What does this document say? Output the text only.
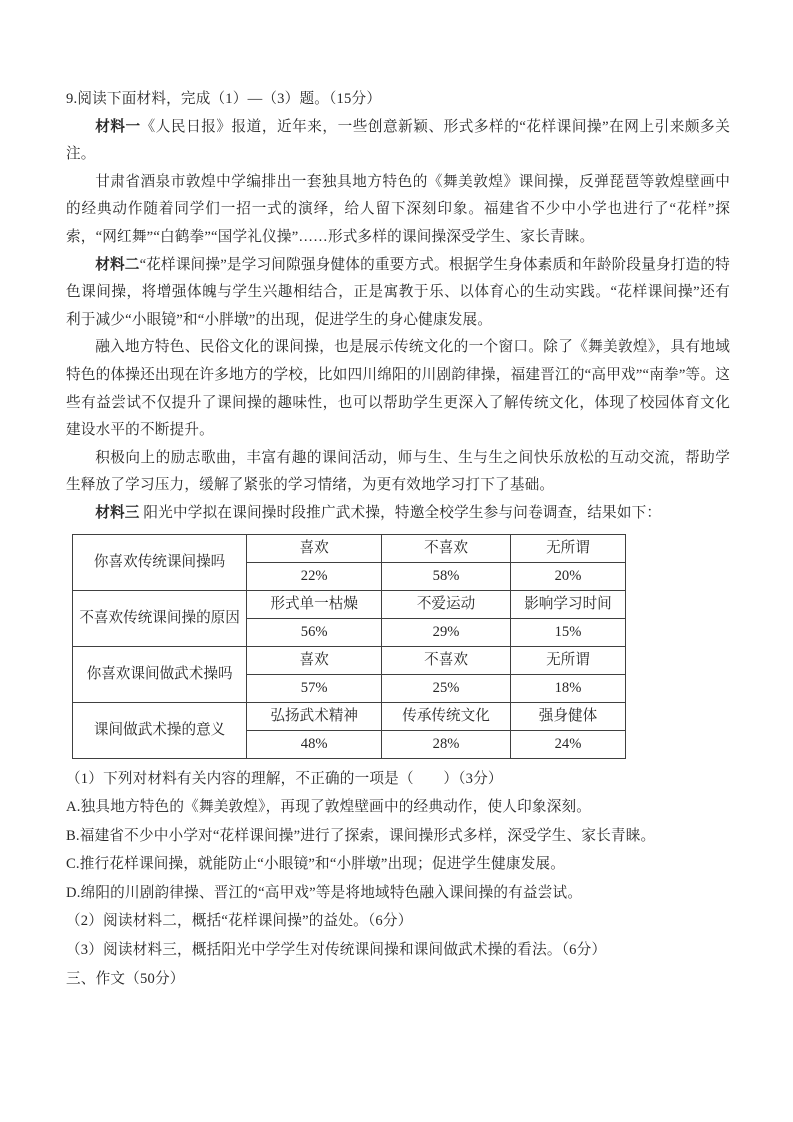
9.阅读下面材料，完成（1）—（3）题。（15分）

材料一《人民日报》报道，近年来，一些创意新颖、形式多样的“花样课间操”在网上引来颇多关注。

甘肃省酒泉市敦煌中学编排出一套独具地方特色的《舞美敦煌》课间操，反弹琵琶等敦煌壁画中的经典动作随着同学们一招一式的演绎，给人留下深刻印象。福建省不少中小学也进行了“花样”探索，“网红舞”“白鹤拳”“国学礼仪操”……形式多样的课间操深受学生、家长青睐。

材料二“花样课间操”是学习间隙强身健体的重要方式。根据学生身体素质和年龄阶段量身打造的特色课间操，将增强体魄与学生兴趣相结合，正是寓教于乐、以体育心的生动实践。“花样课间操”还有利于减少“小眼镜”和“小胖墩”的出现，促进学生的身心健康发展。

融入地方特色、民俗文化的课间操，也是展示传统文化的一个窗口。除了《舞美敦煌》，具有地域特色的体操还出现在许多地方的学校，比如四川绵阳的川剧韵律操，福建晋江的“高甲戏”“南拳”等。这些有益尝试不仅提升了课间操的趣味性，也可以帮助学生更深入了解传统文化，体现了校园体育文化建设水平的不断提升。

积极向上的励志歌曲，丰富有趣的课间活动，师与生、生与生之间快乐放松的互动交流，帮助学生释放了学习压力，缓解了紧张的学习情绪，为更有效地学习打下了基础。

材料三 阳光中学拟在课间操时段推广武术操，特邀全校学生参与问卷调查，结果如下：

你喜欢传统课间操吗	喜欢	不喜欢	无所谓
	22%	58%	20%
不喜欢传统课间操的原因	形式单一枯燥	不爱运动	影响学习时间
	56%	29%	15%
你喜欢课间做武术操吗	喜欢	不喜欢	无所谓
	57%	25%	18%
课间做武术操的意义	弘扬武术精神	传承传统文化	强身健体
	48%	28%	24%

（1）下列对材料有关内容的理解，不正确的一项是（　　）（3分）

A.独具地方特色的《舞美敦煌》，再现了敦煌壁画中的经典动作，使人印象深刻。

B.福建省不少中小学对“花样课间操”进行了探索，课间操形式多样，深受学生、家长青睐。

C.推行花样课间操，就能防止“小眼镜”和“小胖墩”出现；促进学生健康发展。

D.绵阳的川剧韵律操、晋江的“高甲戏”等是将地域特色融入课间操的有益尝试。

（2）阅读材料二，概括“花样课间操”的益处。（6分）

（3）阅读材料三，概括阳光中学学生对传统课间操和课间做武术操的看法。（6分）

三、作文（50分）
